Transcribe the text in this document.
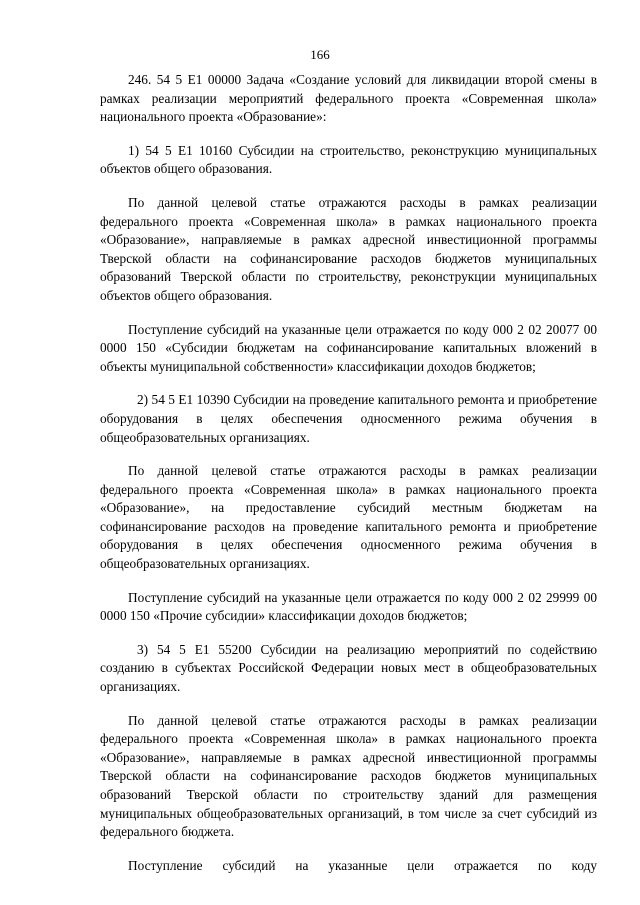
166

246. 54 5 E1 00000 Задача «Создание условий для ликвидации второй смены в рамках реализации мероприятий федерального проекта «Современная школа» национального проекта «Образование»:

1) 54 5 E1 10160 Субсидии на строительство, реконструкцию муниципальных объектов общего образования.

По данной целевой статье отражаются расходы в рамках реализации федерального проекта «Современная школа» в рамках национального проекта «Образование», направляемые в рамках адресной инвестиционной программы Тверской области на софинансирование расходов бюджетов муниципальных образований Тверской области по строительству, реконструкции муниципальных объектов общего образования.

Поступление субсидий на указанные цели отражается по коду 000 2 02 20077 00 0000 150 «Субсидии бюджетам на софинансирование капитальных вложений в объекты муниципальной собственности» классификации доходов бюджетов;

2) 54 5 E1 10390 Субсидии на проведение капитального ремонта и приобретение оборудования в целях обеспечения односменного режима обучения в общеобразовательных организациях.

По данной целевой статье отражаются расходы в рамках реализации федерального проекта «Современная школа» в рамках национального проекта «Образование», на предоставление субсидий местным бюджетам на софинансирование расходов на проведение капитального ремонта и приобретение оборудования в целях обеспечения односменного режима обучения в общеобразовательных организациях.

Поступление субсидий на указанные цели отражается по коду 000 2 02 29999 00 0000 150 «Прочие субсидии» классификации доходов бюджетов;

3) 54 5 E1 55200 Субсидии на реализацию мероприятий по содействию созданию в субъектах Российской Федерации новых мест в общеобразовательных организациях.

По данной целевой статье отражаются расходы в рамках реализации федерального проекта «Современная школа» в рамках национального проекта «Образование», направляемые в рамках адресной инвестиционной программы Тверской области на софинансирование расходов бюджетов муниципальных образований Тверской области по строительству зданий для размещения муниципальных общеобразовательных организаций, в том числе за счет субсидий из федерального бюджета.

Поступление субсидий на указанные цели отражается по коду
